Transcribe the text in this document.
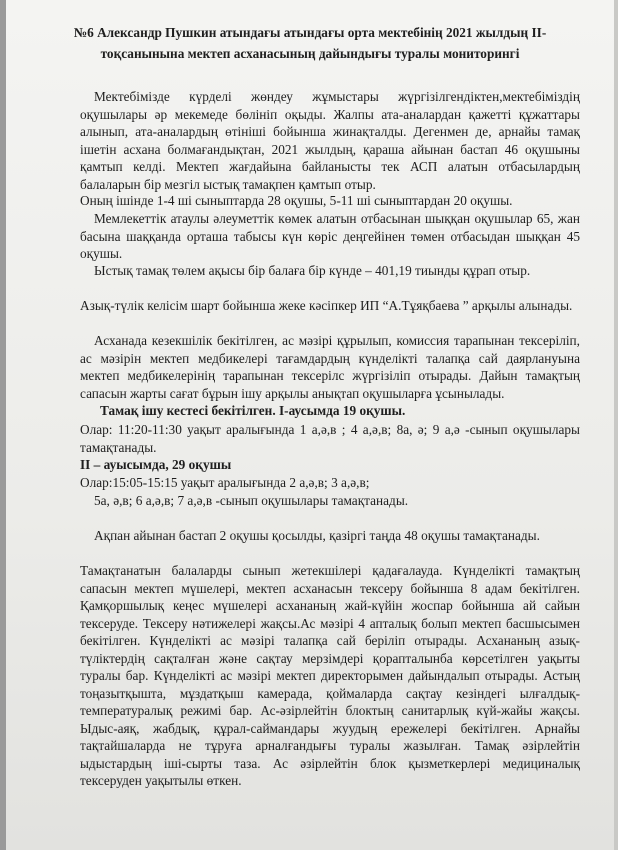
№6 Александр Пушкин атындағы атындағы орта мектебінің 2021 жылдың ІІ-тоқсанынына мектеп асханасының дайындығы туралы мониторингі
Мектебімізде күрделі жөндеу жұмыстары жүргізілгендіктен,мектебіміздің оқушылары әр мекемеде бөлініп оқыды. Жалпы ата-аналардан қажетті құжаттары алынып, ата-аналардың өтініші бойынша жинақталды. Дегенмен де, арнайы тамақ ішетін асхана болмағандықтан, 2021 жылдың, қараша айынан бастап 46 оқушыны қамтып келді. Мектеп жағдайына байланысты тек АСП алатын отбасылардың балаларын бір мезгіл ыстық тамақпен қамтып отыр.
Оның ішінде 1-4 ші сыныптарда 28 оқушы, 5-11 ші сыныптардан 20 оқушы.
Мемлекеттік атаулы әлеуметтік көмек алатын отбасынан шыққан оқушылар 65, жан басына шаққанда орташа табысы күн көріс деңгейінен төмен отбасыдан шыққан 45 оқушы.
Ыстық тамақ төлем ақысы бір балаға бір күнде – 401,19 тиынды құрап отыр.
Азық-түлік келісім шарт бойынша жеке кәсіпкер ИП “А.Тұяқбаева ” арқылы алынады.
Асханада кезекшілік бекітілген, ас мәзірі құрылып, комиссия тарапынан тексеріліп, ас мәзірін мектеп медбикелері тағамдардың күнделікті талапқа сай даярлануына мектеп медбикелерінің тарапынан тексерілс жүргізіліп отырады. Дайын тамақтың сапасын жарты сағат бұрын ішу арқылы анықтап оқушыларға ұсынылады.
Тамақ ішу кестесі бекітілген. І-аусымда 19 оқушы.
Олар: 11:20-11:30 уақыт аралығында 1 а,ә,в ; 4 а,ә,в; 8а, ә; 9 а,ә -сынып оқушылары тамақтанады.
ІІ – ауысымда, 29 оқушы
Олар:15:05-15:15 уақыт аралығында 2 а,ә,в; 3 а,ә,в;
5а, ә,в; 6 а,ә,в; 7 а,ә,в -сынып оқушылары тамақтанады.
Ақпан айынан бастап 2 оқушы қосылды, қазіргі таңда 48 оқушы тамақтанады.
Тамақтанатын балаларды сынып жетекшілері қадағалауда. Күнделікті тамақтың сапасын мектеп мүшелері, мектеп асханасын тексеру бойынша 8 адам бекітілген. Қамқоршылық кеңес мүшелері асхананың жай-күйін жоспар бойынша ай сайын тексеруде. Тексеру нәтижелері жақсы.Ас мәзірі 4 апталық болып мектеп басшысымен бекітілген. Күнделікті ас мәзірі талапқа сай беріліп отырады. Асхананың азық-түліктердің сақталған және сақтау мерзімдері қорапталынба көрсетілген уақыты туралы бар. Күнделікті ас мәзірі мектеп директорымен дайындалып отырады. Астың тоңазытқышта, мұздатқыш камерада, қоймаларда сақтау кезіндегі ылғалдық-температуралық режимі бар. Ас-әзірлейтін блоктың санитарлық күй-жайы жақсы. Ыдыс-аяқ, жабдық, құрал-саймандары жуудың ережелері бекітілген. Арнайы тақтайшаларда не тұруға арналғандығы туралы жазылған. Тамақ әзірлейтін ыдыстардың іші-сырты таза. Ас әзірлейтін блок қызметкерлері медициналық тексеруден уақытылы өткен.
